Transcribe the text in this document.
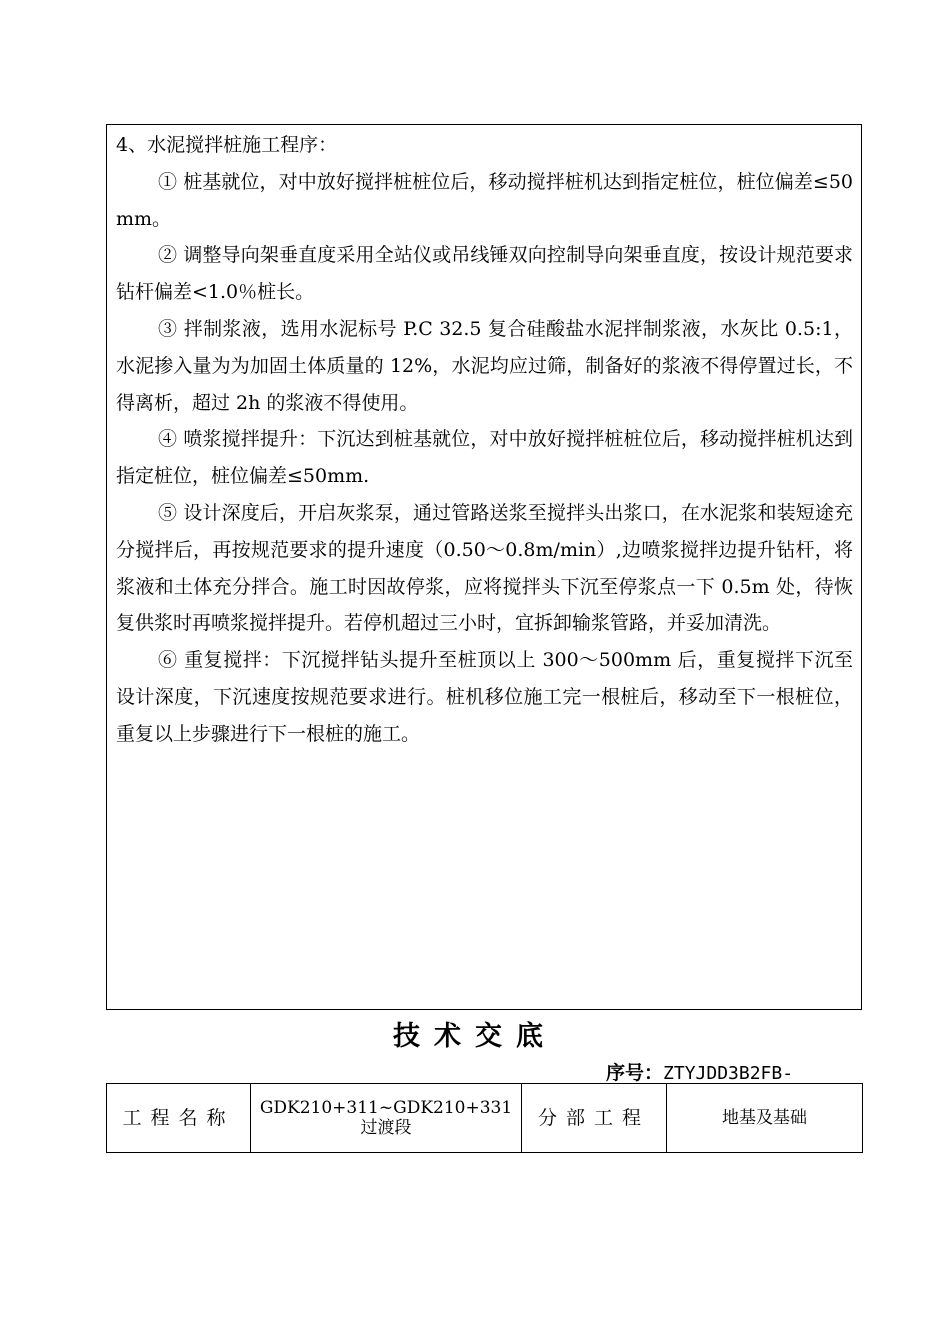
4、水泥搅拌桩施工程序：

① 桩基就位，对中放好搅拌桩桩位后，移动搅拌桩机达到指定桩位，桩位偏差≤50mm。

② 调整导向架垂直度采用全站仪或吊线锤双向控制导向架垂直度，按设计规范要求钻杆偏差<1.0％桩长。

③ 拌制浆液，选用水泥标号 P.C 32.5 复合硅酸盐水泥拌制浆液，水灰比 0.5:1，水泥掺入量为为加固土体质量的 12%，水泥均应过筛，制备好的浆液不得停置过长，不得离析，超过 2h 的浆液不得使用。

④ 喷浆搅拌提升：下沉达到桩基就位，对中放好搅拌桩桩位后，移动搅拌桩机达到指定桩位，桩位偏差≤50mm.

⑤ 设计深度后，开启灰浆泵，通过管路送浆至搅拌头出浆口，在水泥浆和装短途充分搅拌后，再按规范要求的提升速度（0.50～0.8m/min）,边喷浆搅拌边提升钻杆，将浆液和土体充分拌合。施工时因故停浆，应将搅拌头下沉至停浆点一下 0.5m 处，待恢复供浆时再喷浆搅拌提升。若停机超过三小时，宜拆卸输浆管路，并妥加清洗。

⑥ 重复搅拌：下沉搅拌钻头提升至桩顶以上 300～500mm 后，重复搅拌下沉至设计深度，下沉速度按规范要求进行。桩机移位施工完一根桩后，移动至下一根桩位，重复以上步骤进行下一根桩的施工。

技术交底
序号：ZTYJDD3B2FB-
工程名称	GDK210+311~GDK210+331 过渡段	分部工程	地基及基础
